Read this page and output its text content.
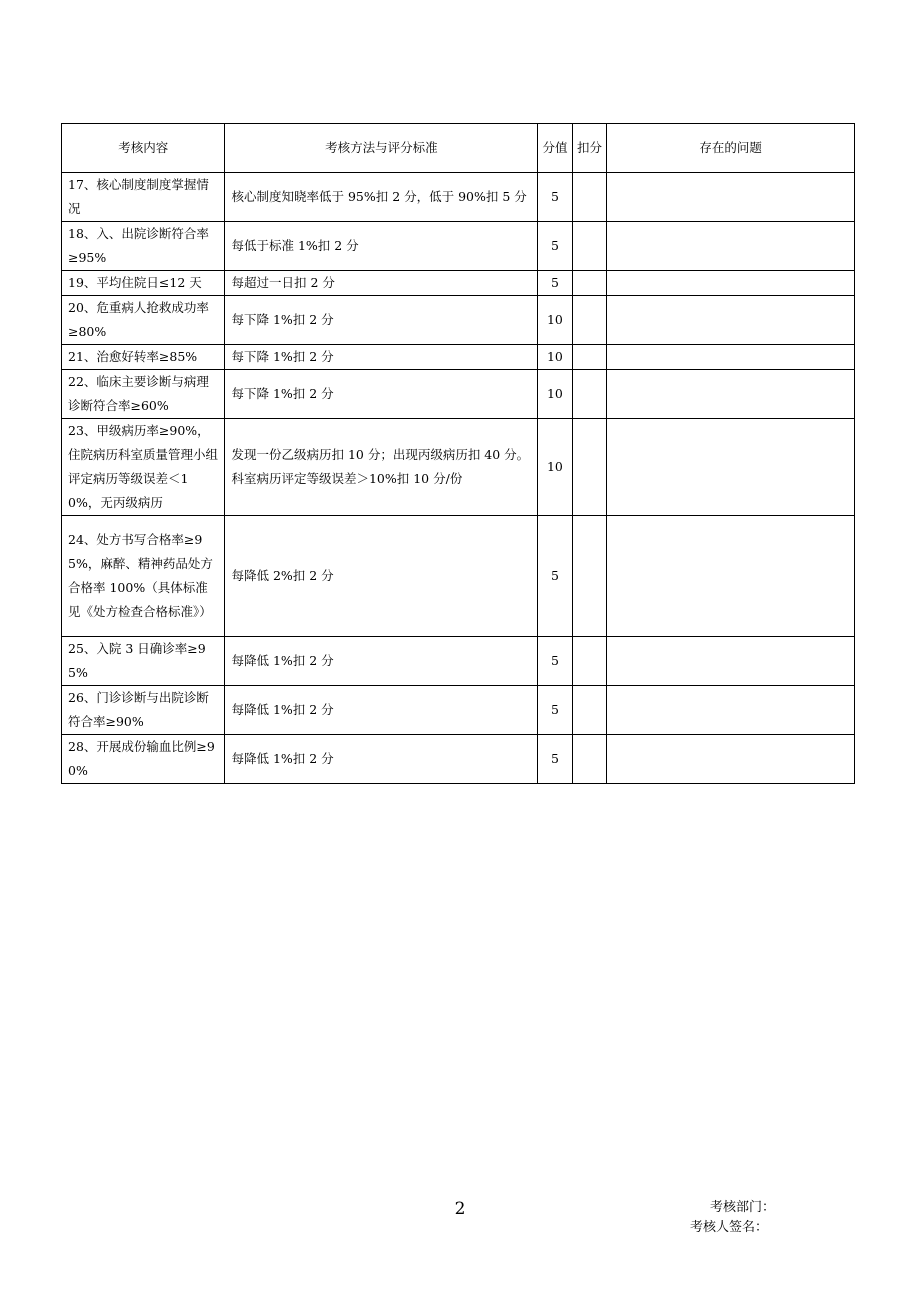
考核内容	考核方法与评分标准	分值	扣分	存在的问题
17、核心制度制度掌握情况	核心制度知晓率低于 95%扣 2 分，低于 90%扣 5 分	5		
18、入、出院诊断符合率≥95%	每低于标准 1%扣 2 分	5		
19、平均住院日≤12 天	每超过一日扣 2 分	5		
20、危重病人抢救成功率≥80%	每下降 1%扣 2 分	10		
21、治愈好转率≥85%	每下降 1%扣 2 分	10		
22、临床主要诊断与病理诊断符合率≥60%	每下降 1%扣 2 分	10		
23、甲级病历率≥90%，住院病历科室质量管理小组评定病历等级误差＜10%，无丙级病历	发现一份乙级病历扣 10 分；出现丙级病历扣 40 分。科室病历评定等级误差＞10%扣 10 分/份	10		
24、处方书写合格率≥95%，麻醉、精神药品处方合格率 100%（具体标准见《处方检查合格标准》）	每降低 2%扣 2 分	5		
25、入院 3 日确诊率≥95%	每降低 1%扣 2 分	5		
26、门诊诊断与出院诊断符合率≥90%	每降低 1%扣 2 分	5		
28、开展成份输血比例≥90%	每降低 1%扣 2 分	5		
2	考核部门：
考核人签名：
